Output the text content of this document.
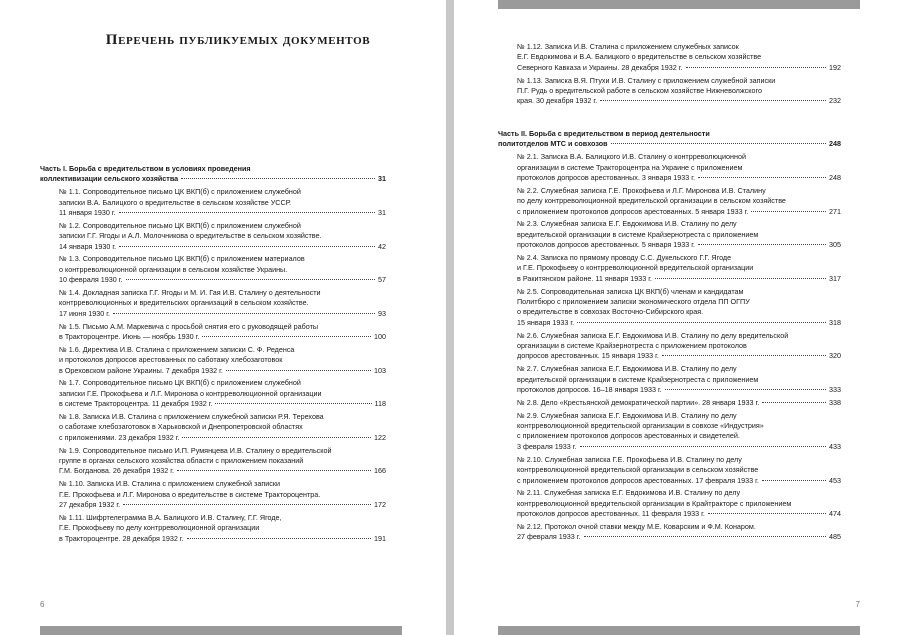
Перечень публикуемых документов
Часть I. Борьба с вредительством в условиях проведения
коллективизации сельского хозяйства	31
№ 1.1. Сопроводительное письмо ЦК ВКП(б) с приложением служебной
записки В.А. Балицкого о вредительстве в сельском хозяйстве УССР.
11 января 1930 г.	31
№ 1.2. Сопроводительное письмо ЦК ВКП(б) с приложением служебной
записки Г.Г. Ягоды и А.Л. Молочникова о вредительстве в сельском хозяйстве.
14 января 1930 г.	42
№ 1.3. Сопроводительное письмо ЦК ВКП(б) с приложением материалов
о контрреволюционной организации в сельском хозяйстве Украины.
10 февраля 1930 г.	57
№ 1.4. Докладная записка Г.Г. Ягоды и М. И. Гая И.В. Сталину о деятельности
контрреволюционных и вредительских организаций в сельском хозяйстве.
17 июня 1930 г.	93
№ 1.5. Письмо А.М. Маркевича с просьбой снятия его с руководящей работы
в Трактороцентре. Июнь — ноябрь 1930 г.	100
№ 1.6. Директива И.В. Сталина с приложением записки С. Ф. Реденса
и протоколов допросов арестованных по саботажу хлебозаготовок
в Ореховском районе Украины. 7 декабря 1932 г.	103
№ 1.7. Сопроводительное письмо ЦК ВКП(б) с приложением служебной
записки Г.Е. Прокофьева и Л.Г. Миронова о контрреволюционной организации
в системе Трактороцентра. 11 декабря 1932 г.	118
№ 1.8. Записка И.В. Сталина с приложением служебной записки Р.Я. Терехова
о саботаже хлебозаготовок в Харьковской и Днепропетровской областях
с приложениями. 23 декабря 1932 г.	122
№ 1.9. Сопроводительное письмо И.П. Румянцева И.В. Сталину о вредительской
группе в органах сельского хозяйства области с приложением показаний
Г.М. Богданова. 26 декабря 1932 г.	166
№ 1.10. Записка И.В. Сталина с приложением служебной записки
Г.Е. Прокофьева и Л.Г. Миронова о вредительстве в системе Трактороцентра.
27 декабря 1932 г.	172
№ 1.11. Шифртелеграмма В.А. Балицкого И.В. Сталину, Г.Г. Ягоде,
Г.Е. Прокофьеву по делу контрреволюционной организации
в Трактороцентре. 28 декабря 1932 г.	191
6
№ 1.12. Записка И.В. Сталина с приложением служебных записок
Е.Г. Евдокимова и В.А. Балицкого о вредительстве в сельском хозяйстве
Северного Кавказа и Украины. 28 декабря 1932 г.	192
№ 1.13. Записка В.Я. Птухи И.В. Сталину с приложением служебной записки
П.Г. Рудь о вредительской работе в сельском хозяйстве Нижневолжского
края. 30 декабря 1932 г.	232
Часть II. Борьба с вредительством в период деятельности
политотделов МТС и совхозов	248
№ 2.1. Записка В.А. Балицкого И.В. Сталину о контрреволюционной
организации в системе Трактороцентра на Украине с приложением
протоколов допросов арестованных. 3 января 1933 г.	248
№ 2.2. Служебная записка Г.Е. Прокофьева и Л.Г. Миронова И.В. Сталину
по делу контрреволюционной вредительской организации в сельском хозяйстве
с приложением протоколов допросов арестованных. 5 января 1933 г.	271
№ 2.3. Служебная записка Е.Г. Евдокимова И.В. Сталину по делу
вредительской организации в системе Крайзернотреста с приложением
протоколов допросов арестованных. 5 января 1933 г.	305
№ 2.4. Записка по прямому проводу С.С. Дукельского Г.Г. Ягоде
и Г.Е. Прокофьеву о контрреволюционной вредительской организации
в Ракитянском районе. 11 января 1933 г.	317
№ 2.5. Сопроводительная записка ЦК ВКП(б) членам и кандидатам
Политбюро с приложением записки экономического отдела ПП ОГПУ
о вредительстве в совхозах Восточно-Сибирского края.
15 января 1933 г.	318
№ 2.6. Служебная записка Е.Г. Евдокимова И.В. Сталину по делу вредительской
организации в системе Крайзернотреста с приложением протоколов
допросов арестованных. 15 января 1933 г.	320
№ 2.7. Служебная записка Е.Г. Евдокимова И.В. Сталину по делу
вредительской организации в системе Крайзернотреста с приложением
протоколов допросов. 16–18 января 1933 г.	333
№ 2.8. Дело «Крестьянской демократической партии». 28 января 1933 г.	338
№ 2.9. Служебная записка Е.Г. Евдокимова И.В. Сталину по делу
контрреволюционной вредительской организации в совхозе «Индустрия»
с приложением протоколов допросов арестованных и свидетелей.
3 февраля 1933 г.	433
№ 2.10. Служебная записка Г.Е. Прокофьева И.В. Сталину по делу
контрреволюционной вредительской организации в сельском хозяйстве
с приложением протоколов допросов арестованных. 17 февраля 1933 г.	453
№ 2.11. Служебная записка Е.Г. Евдокимова И.В. Сталину по делу
контрреволюционной вредительской организации в Крайтракторе с приложением
протоколов допросов арестованных. 11 февраля 1933 г.	474
№ 2.12. Протокол очной ставки между М.Е. Коварским и Ф.М. Конаром.
27 февраля 1933 г.	485
7
